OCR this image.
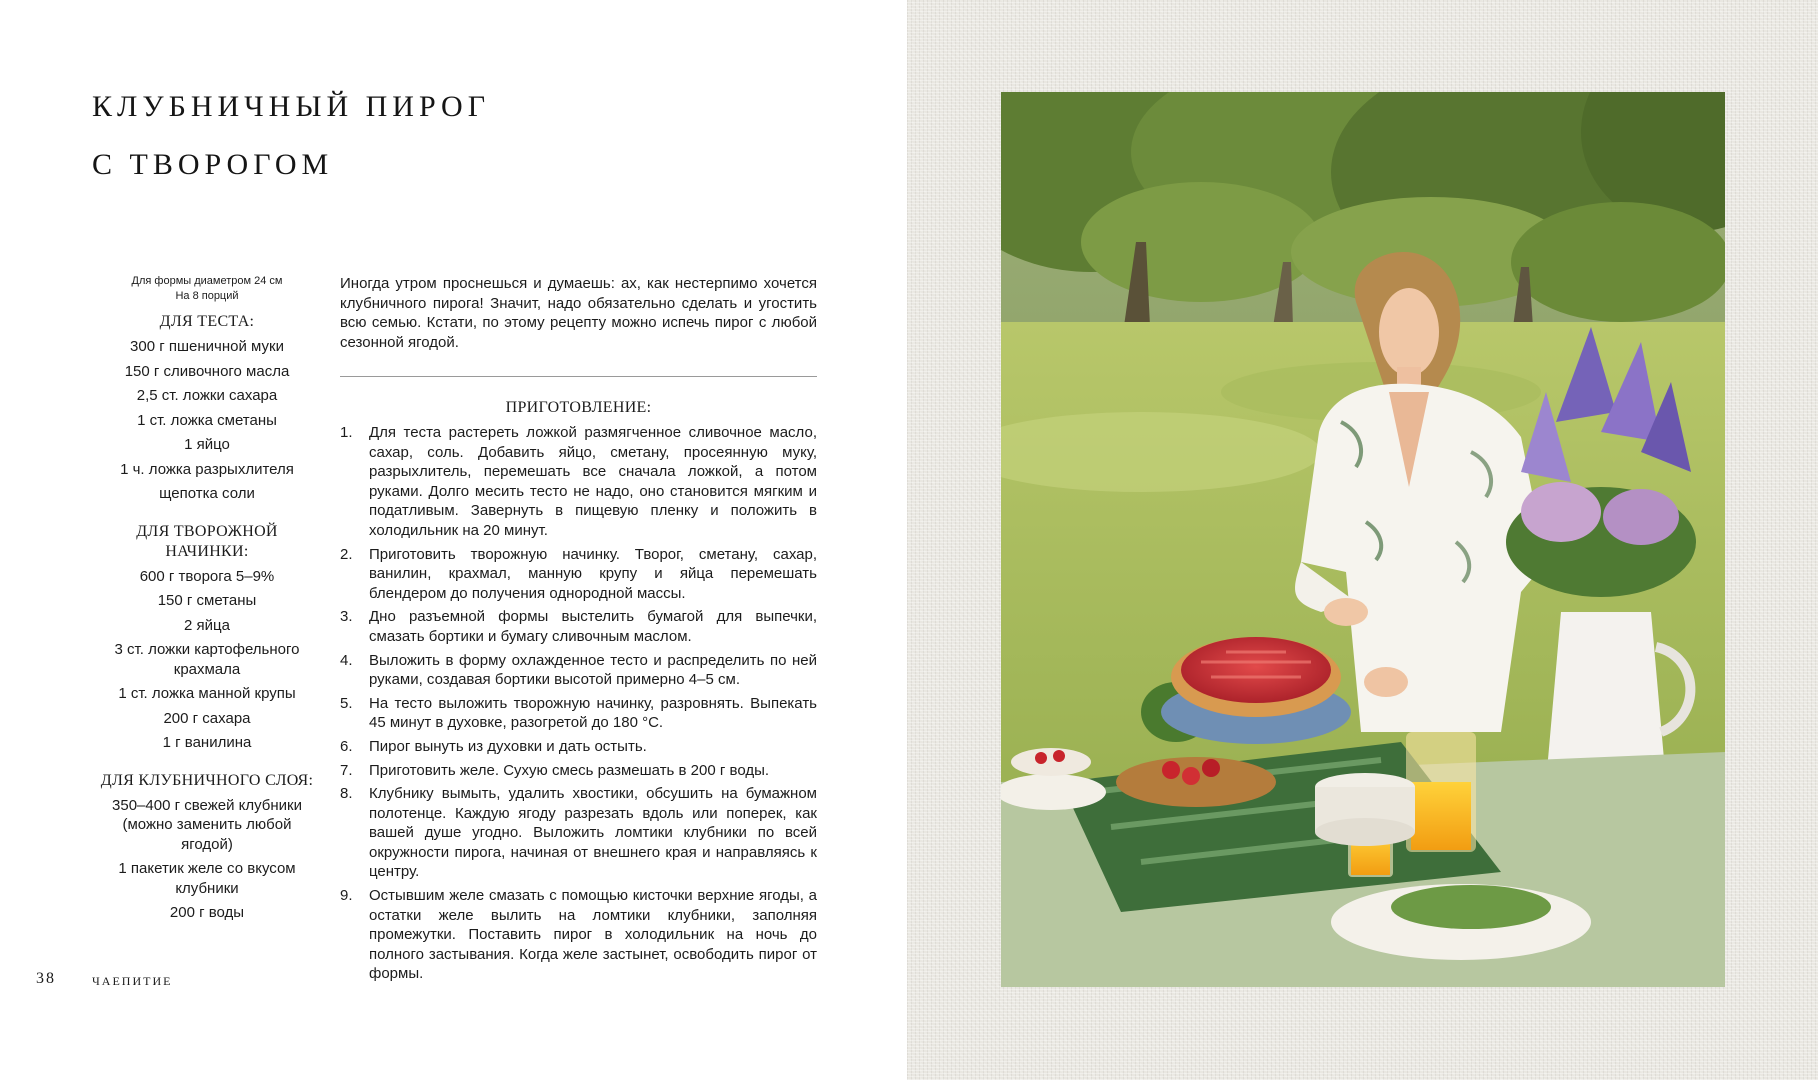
КЛУБНИЧНЫЙ ПИРОГ
С ТВОРОГОМ
Для формы диаметром 24 см
На 8 порций
ДЛЯ ТЕСТА:
300 г пшеничной муки
150 г сливочного масла
2,5 ст. ложки сахара
1 ст. ложка сметаны
1 яйцо
1 ч. ложка разрыхлителя
щепотка соли
ДЛЯ ТВОРОЖНОЙ НАЧИНКИ:
600 г творога 5–9%
150 г сметаны
2 яйца
3 ст. ложки картофельного крахмала
1 ст. ложка манной крупы
200 г сахара
1 г ванилина
ДЛЯ КЛУБНИЧНОГО СЛОЯ:
350–400 г свежей клубники (можно заменить любой ягодой)
1 пакетик желе со вкусом клубники
200 г воды

Иногда утром проснешься и думаешь: ах, как нестерпимо хочется клубничного пирога! Значит, надо обязательно сделать и угостить всю семью. Кстати, по этому рецепту можно испечь пирог с любой сезонной ягодой.

ПРИГОТОВЛЕНИЕ:
1.	Для теста растереть ложкой размягченное сливочное масло, сахар, соль. Добавить яйцо, сметану, просеянную муку, разрыхлитель, перемешать все сначала ложкой, а потом руками. Долго месить тесто не надо, оно становится мягким и податливым. Завернуть в пищевую пленку и положить в холодильник на 20 минут.
2.	Приготовить творожную начинку. Творог, сметану, сахар, ванилин, крахмал, манную крупу и яйца перемешать блендером до получения однородной массы.
3.	Дно разъемной формы выстелить бумагой для выпечки, смазать бортики и бумагу сливочным маслом.
4.	Выложить в форму охлажденное тесто и распределить по ней руками, создавая бортики высотой примерно 4–5 см.
5.	На тесто выложить творожную начинку, разровнять. Выпекать 45 минут в духовке, разогретой до 180 °С.
6.	Пирог вынуть из духовки и дать остыть.
7.	Приготовить желе. Сухую смесь размешать в 200 г воды.
8.	Клубнику вымыть, удалить хвостики, обсушить на бумажном полотенце. Каждую ягоду разрезать вдоль или поперек, как вашей душе угодно. Выложить ломтики клубники по всей окружности пирога, начиная от внешнего края и направляясь к центру.
9.	Остывшим желе смазать с помощью кисточки верхние ягоды, а остатки желе вылить на ломтики клубники, заполняя промежутки. Поставить пирог в холодильник на ночь до полного застывания. Когда желе застынет, освободить пирог от формы.
38	ЧАЕПИТИЕ
